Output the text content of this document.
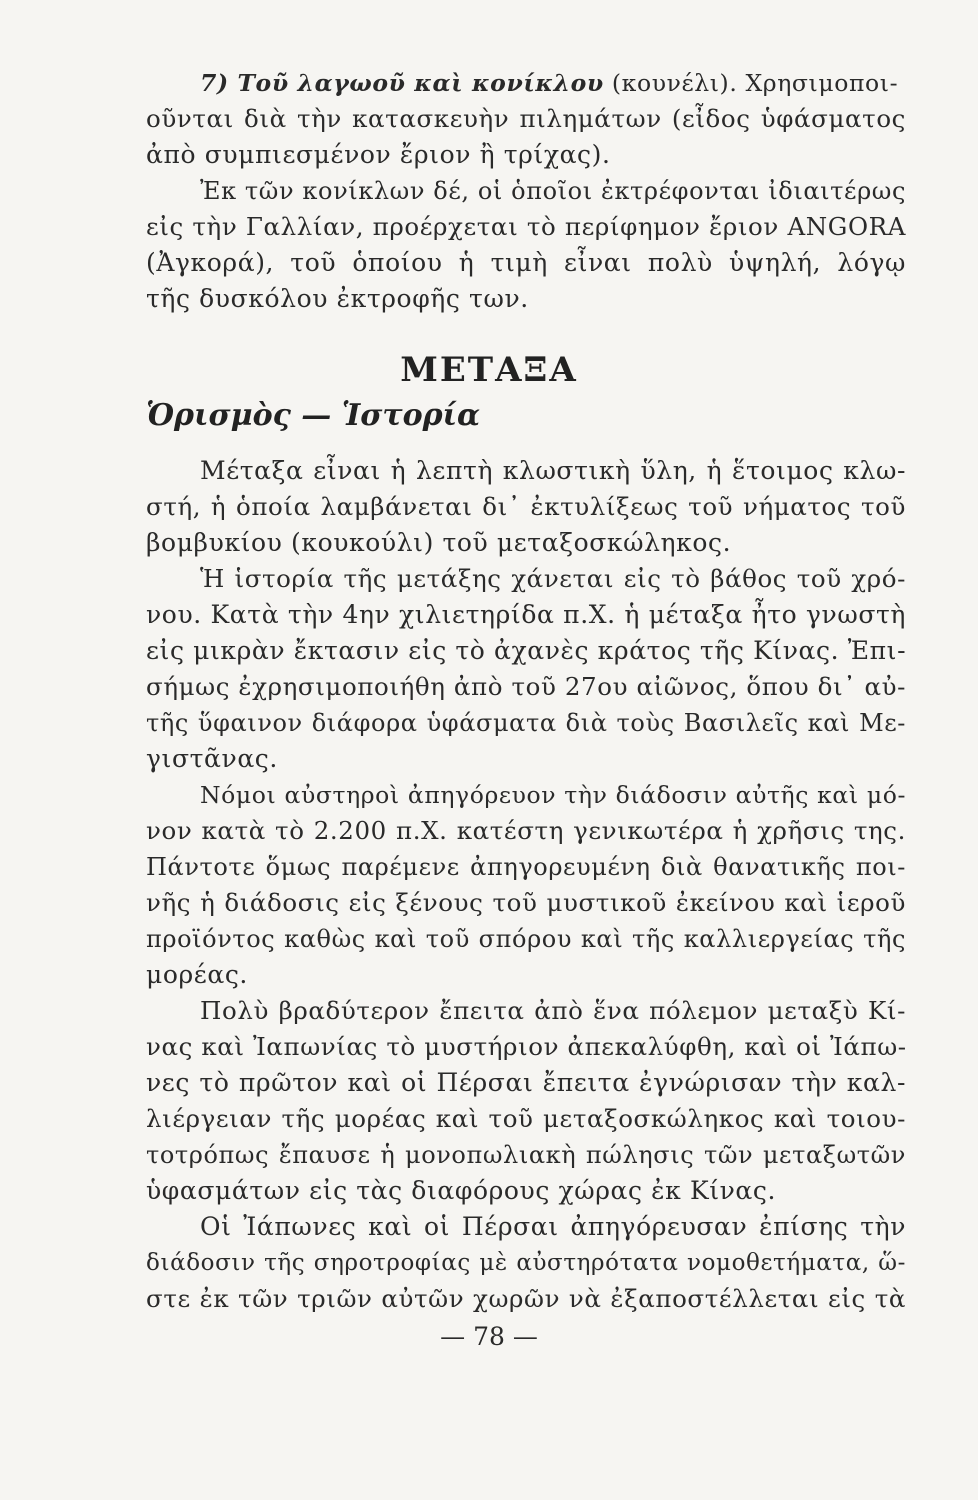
7) Τοῦ λαγωοῦ καὶ κονίκλου (κουνέλι). Χρησιμοποι-

οῦνται διὰ τὴν κατασκευὴν πιλημάτων (εἶδος ὑφάσματος

ἀπὸ συμπιεσμένον ἔριον ἢ τρίχας).

Ἐκ τῶν κονίκλων δέ, οἱ ὁποῖοι ἐκτρέφονται ἰδιαιτέρως

εἰς τὴν Γαλλίαν, προέρχεται τὸ περίφημον ἔριον ANGORA

(Ἀγκορά), τοῦ ὁποίου ἡ τιμὴ εἶναι πολὺ ὑψηλή, λόγῳ

τῆς δυσκόλου ἐκτροφῆς των.

ΜΕΤΑΞΑ
Ὁρισμὸς — Ἱστορία

Μέταξα εἶναι ἡ λεπτὴ κλωστικὴ ὕλη, ἡ ἕτοιμος κλω-

στή, ἡ ὁποία λαμβάνεται δι᾽ ἐκτυλίξεως τοῦ νήματος τοῦ

βομβυκίου (κουκούλι) τοῦ μεταξοσκώληκος.

Ἡ ἱστορία τῆς μετάξης χάνεται εἰς τὸ βάθος τοῦ χρό-

νου. Κατὰ τὴν 4ην χιλιετηρίδα π.Χ. ἡ μέταξα ἦτο γνωστὴ

εἰς μικρὰν ἔκτασιν εἰς τὸ ἀχανὲς κράτος τῆς Κίνας. Ἐπι-

σήμως ἐχρησιμοποιήθη ἀπὸ τοῦ 27ου αἰῶνος, ὅπου δι᾽ αὐ-

τῆς ὕφαινον διάφορα ὑφάσματα διὰ τοὺς Βασιλεῖς καὶ Με-

γιστᾶνας.

Νόμοι αὐστηροὶ ἀπηγόρευον τὴν διάδοσιν αὐτῆς καὶ μό-

νον κατὰ τὸ 2.200 π.Χ. κατέστη γενικωτέρα ἡ χρῆσις της.

Πάντοτε ὅμως παρέμενε ἀπηγορευμένη διὰ θανατικῆς ποι-

νῆς ἡ διάδοσις εἰς ξένους τοῦ μυστικοῦ ἐκείνου καὶ ἱεροῦ

προϊόντος καθὼς καὶ τοῦ σπόρου καὶ τῆς καλλιεργείας τῆς

μορέας.

Πολὺ βραδύτερον ἔπειτα ἀπὸ ἕνα πόλεμον μεταξὺ Κί-

νας καὶ Ἰαπωνίας τὸ μυστήριον ἀπεκαλύφθη, καὶ οἱ Ἰάπω-

νες τὸ πρῶτον καὶ οἱ Πέρσαι ἔπειτα ἐγνώρισαν τὴν καλ-

λιέργειαν τῆς μορέας καὶ τοῦ μεταξοσκώληκος καὶ τοιου-

τοτρόπως ἔπαυσε ἡ μονοπωλιακὴ πώλησις τῶν μεταξωτῶν

ὑφασμάτων εἰς τὰς διαφόρους χώρας ἐκ Κίνας.

Οἱ Ἰάπωνες καὶ οἱ Πέρσαι ἀπηγόρευσαν ἐπίσης τὴν

διάδοσιν τῆς σηροτροφίας μὲ αὐστηρότατα νομοθετήματα, ὥ-

στε ἐκ τῶν τριῶν αὐτῶν χωρῶν νὰ ἐξαποστέλλεται εἰς τὰ

— 78 —
